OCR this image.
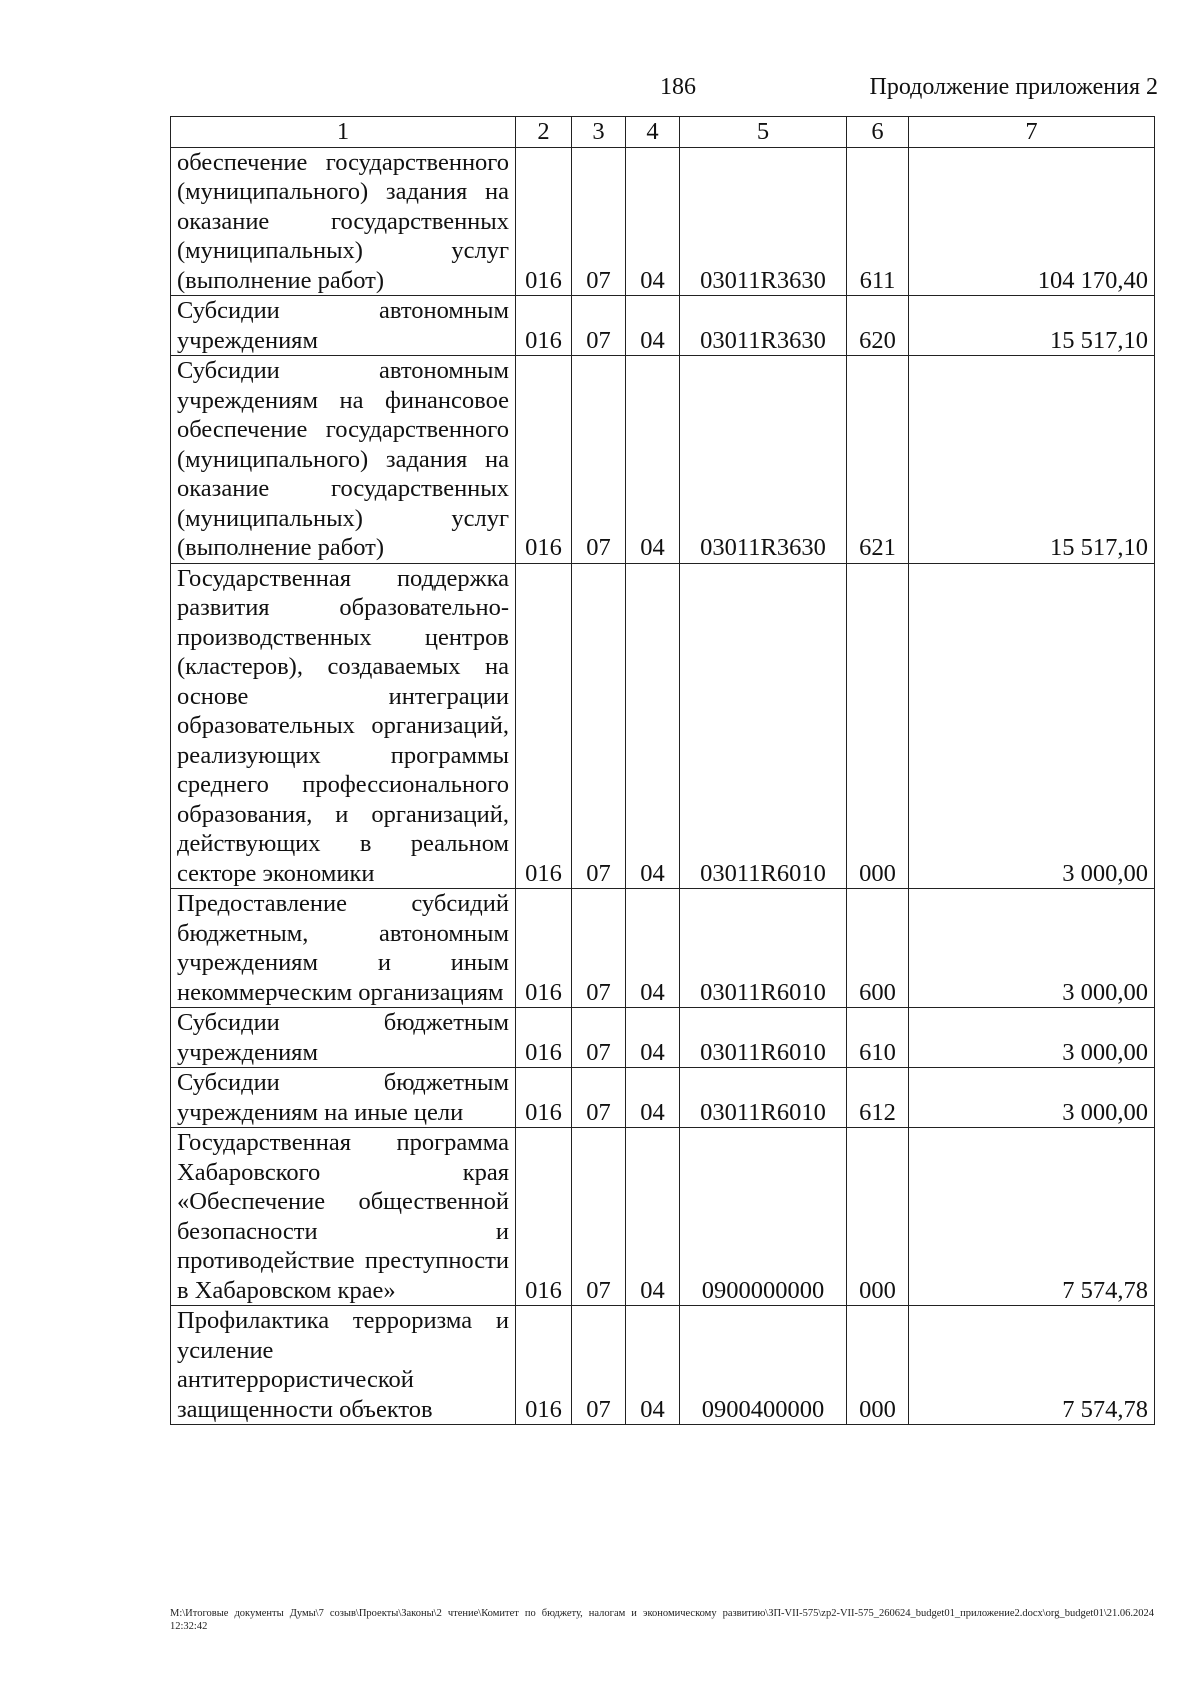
186	Продолжение приложения 2
1	2	3	4	5	6	7
обеспечение государственного (муниципального) задания на оказание государственных (муниципальных) услуг (выполнение работ)	016	07	04	03011R3630	611	104 170,40
Субсидии автономным учреждениям	016	07	04	03011R3630	620	15 517,10
Субсидии автономным учреждениям на финансовое обеспечение государственного (муниципального) задания на оказание государственных (муниципальных) услуг (выполнение работ)	016	07	04	03011R3630	621	15 517,10
Государственная поддержка развития образовательно-производственных центров (кластеров), создаваемых на основе интеграции образовательных организаций, реализующих программы среднего профессионального образования, и организаций, действующих в реальном секторе экономики	016	07	04	03011R6010	000	3 000,00
Предоставление субсидий бюджетным, автономным учреждениям и иным некоммерческим организациям	016	07	04	03011R6010	600	3 000,00
Субсидии бюджетным учреждениям	016	07	04	03011R6010	610	3 000,00
Субсидии бюджетным учреждениям на иные цели	016	07	04	03011R6010	612	3 000,00
Государственная программа Хабаровского края «Обеспечение общественной безопасности и противодействие преступности в Хабаровском крае»	016	07	04	0900000000	000	7 574,78
Профилактика терроризма и усиление антитеррористической защищенности объектов	016	07	04	0900400000	000	7 574,78
M:\Итоговые документы Думы\7 созыв\Проекты\Законы\2 чтение\Комитет по бюджету, налогам и экономическому развитию\ЗП-VII-575\zp2-VII-575_260624_budget01_приложение2.docx\org_budget01\21.06.2024 12:32:42
